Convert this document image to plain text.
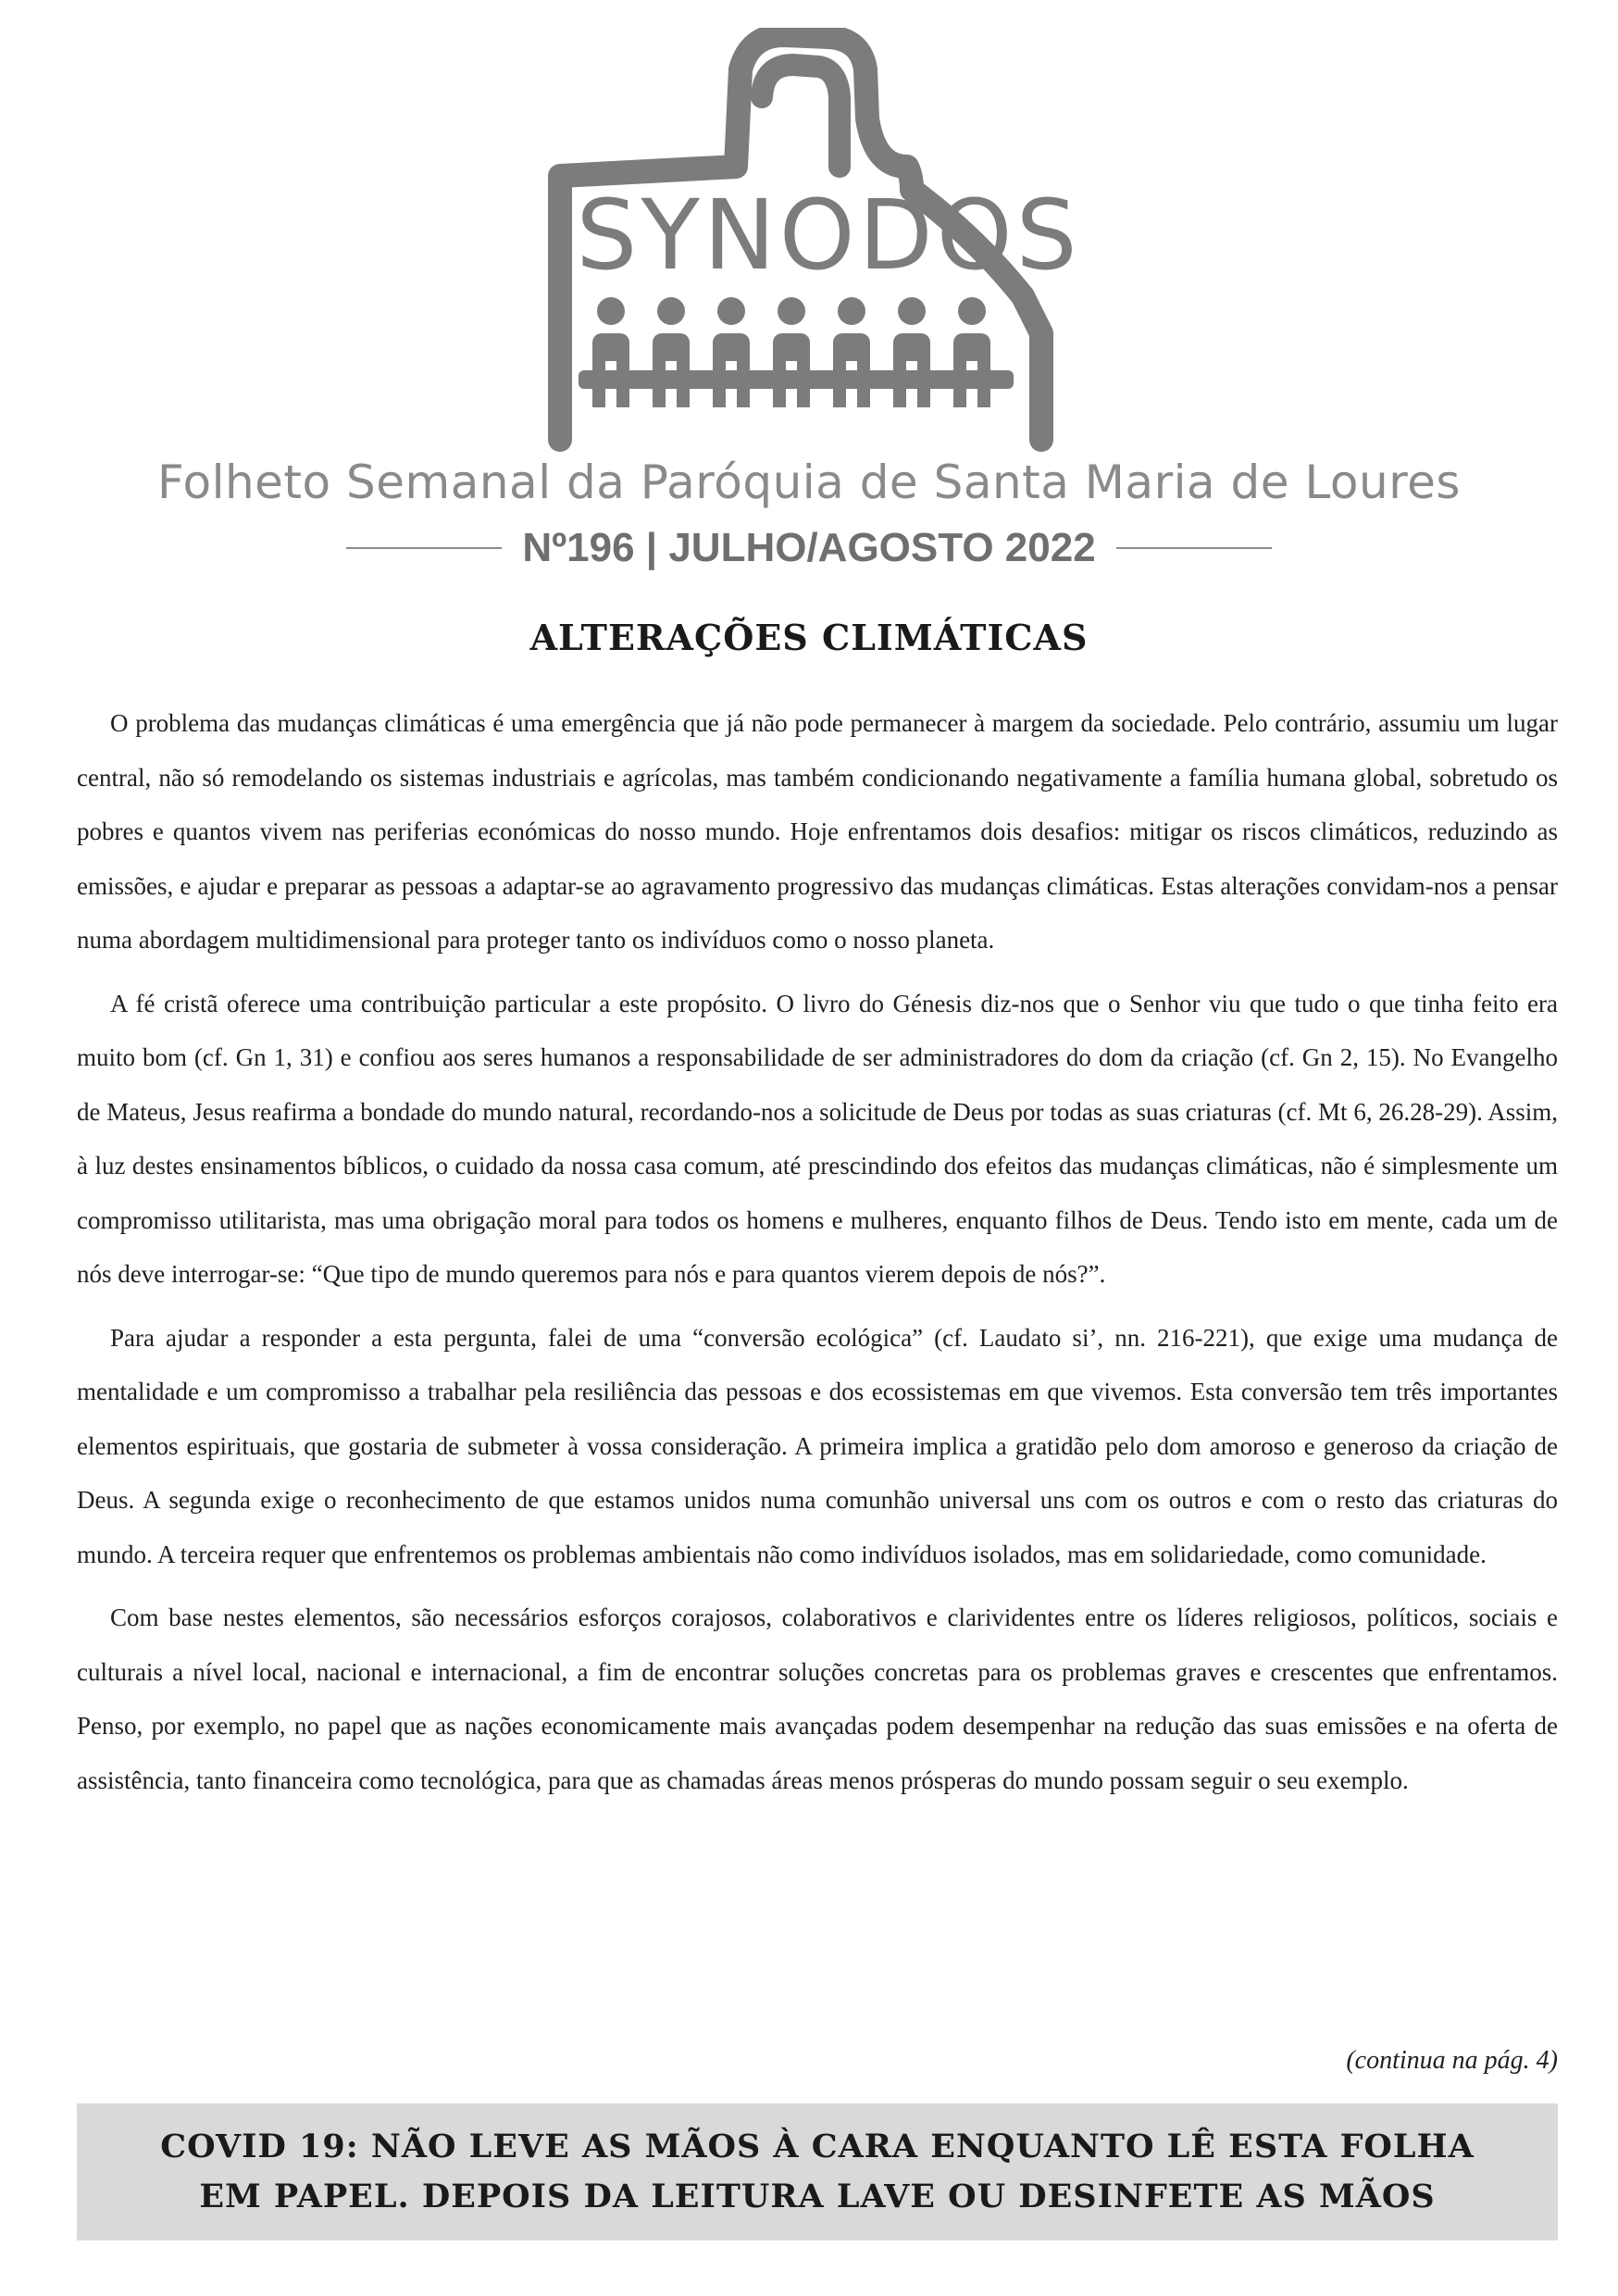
SYNODOS
Folheto Semanal da Paróquia de Santa Maria de Loures
Nº196 | JULHO/AGOSTO 2022
ALTERAÇÕES CLIMÁTICAS

O problema das mudanças climáticas é uma emergência que já não pode permanecer à margem da sociedade. Pelo contrário, assumiu um lugar central, não só remodelando os sistemas industriais e agrícolas, mas também condicionando negativamente a família humana global, sobretudo os pobres e quantos vivem nas periferias económicas do nosso mundo. Hoje enfrentamos dois desafios: mitigar os riscos climáticos, reduzindo as emissões, e ajudar e preparar as pessoas a adaptar-se ao agravamento progressivo das mudanças climáticas. Estas alterações convidam-nos a pensar numa abordagem multidimensional para proteger tanto os indivíduos como o nosso planeta.

A fé cristã oferece uma contribuição particular a este propósito. O livro do Génesis diz-nos que o Senhor viu que tudo o que tinha feito era muito bom (cf. Gn 1, 31) e confiou aos seres humanos a responsabilidade de ser administradores do dom da criação (cf. Gn 2, 15). No Evangelho de Mateus, Jesus reafirma a bondade do mundo natural, recordando-nos a solicitude de Deus por todas as suas criaturas (cf. Mt 6, 26.28-29). Assim, à luz destes ensinamentos bíblicos, o cuidado da nossa casa comum, até prescindindo dos efeitos das mudanças climáticas, não é simplesmente um compromisso utilitarista, mas uma obrigação moral para todos os homens e mulheres, enquanto filhos de Deus. Tendo isto em mente, cada um de nós deve interrogar-se: “Que tipo de mundo queremos para nós e para quantos vierem depois de nós?”.

Para ajudar a responder a esta pergunta, falei de uma “conversão ecológica” (cf. Laudato si’, nn. 216-221), que exige uma mudança de mentalidade e um compromisso a trabalhar pela resiliência das pessoas e dos ecossistemas em que vivemos. Esta conversão tem três importantes elementos espirituais, que gostaria de submeter à vossa consideração. A primeira implica a gratidão pelo dom amoroso e generoso da criação de Deus. A segunda exige o reconhecimento de que estamos unidos numa comunhão universal uns com os outros e com o resto das criaturas do mundo. A terceira requer que enfrentemos os problemas ambientais não como indivíduos isolados, mas em solidariedade, como comunidade.

Com base nestes elementos, são necessários esforços corajosos, colaborativos e clarividentes entre os líderes religiosos, políticos, sociais e culturais a nível local, nacional e internacional, a fim de encontrar soluções concretas para os problemas graves e crescentes que enfrentamos. Penso, por exemplo, no papel que as nações economicamente mais avançadas podem desempenhar na redução das suas emissões e na oferta de assistência, tanto financeira como tecnológica, para que as chamadas áreas menos prósperas do mundo possam seguir o seu exemplo.

(continua na pág. 4)
COVID 19: NÃO LEVE AS MÃOS À CARA ENQUANTO LÊ ESTA FOLHA
EM PAPEL. DEPOIS DA LEITURA LAVE OU DESINFETE AS MÃOS
